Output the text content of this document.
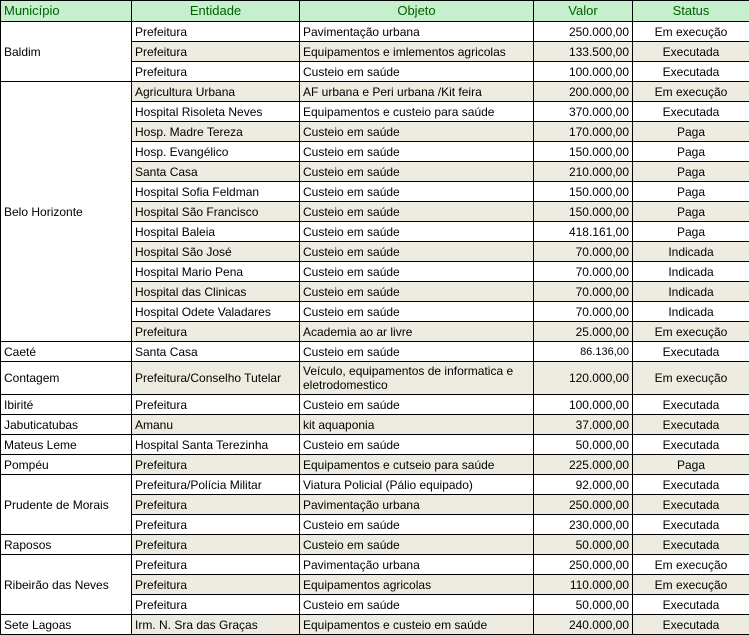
Município	Entidade	Objeto	Valor	Status
Baldim	Prefeitura	Pavimentação urbana	250.000,00	Em execução
	Prefeitura	Equipamentos e imlementos agricolas	133.500,00	Executada
	Prefeitura	Custeio em saúde	100.000,00	Executada
Belo Horizonte	Agricultura Urbana	AF urbana e Peri urbana /Kit feira	200.000,00	Em execução
	Hospital Risoleta Neves	Equipamentos e custeio para saúde	370.000,00	Executada
	Hosp. Madre Tereza	Custeio em saúde	170.000,00	Paga
	Hosp. Evangélico	Custeio em saúde	150.000,00	Paga
	Santa Casa	Custeio em saúde	210.000,00	Paga
	Hospital Sofia Feldman	Custeio em saúde	150.000,00	Paga
	Hospital São Francisco	Custeio em saúde	150.000,00	Paga
	Hospital Baleia	Custeio em saúde	418.161,00	Paga
	Hospital São José	Custeio em saúde	70.000,00	Indicada
	Hospital Mario Pena	Custeio em saúde	70.000,00	Indicada
	Hospital das Clinicas	Custeio em saúde	70.000,00	Indicada
	Hospital Odete Valadares	Custeio em saúde	70.000,00	Indicada
	Prefeitura	Academia ao ar livre	25.000,00	Em execução
Caeté	Santa Casa	Custeio em saúde	86.136,00	Executada
Contagem	Prefeitura/Conselho Tutelar	Veículo, equipamentos de informatica e eletrodomestico	120.000,00	Em execução
Ibirité	Prefeitura	Custeio em saúde	100.000,00	Executada
Jabuticatubas	Amanu	kit aquaponia	37.000,00	Executada
Mateus Leme	Hospital Santa Terezinha	Custeio em saúde	50.000,00	Executada
Pompéu	Prefeitura	Equipamentos e cutseio para saúde	225.000,00	Paga
Prudente de Morais	Prefeitura/Polícia Militar	Viatura Policial (Pálio equipado)	92.000,00	Executada
	Prefeitura	Pavimentação urbana	250.000,00	Executada
	Prefeitura	Custeio em saúde	230.000,00	Executada
Raposos	Prefeitura	Custeio em saúde	50.000,00	Executada
Ribeirão das Neves	Prefeitura	Pavimentação urbana	250.000,00	Em execução
	Prefeitura	Equipamentos agricolas	110.000,00	Em execução
	Prefeitura	Custeio em saúde	50.000,00	Executada
Sete Lagoas	Irm. N. Sra das Graças	Equipamentos e custeio em saúde	240.000,00	Executada
